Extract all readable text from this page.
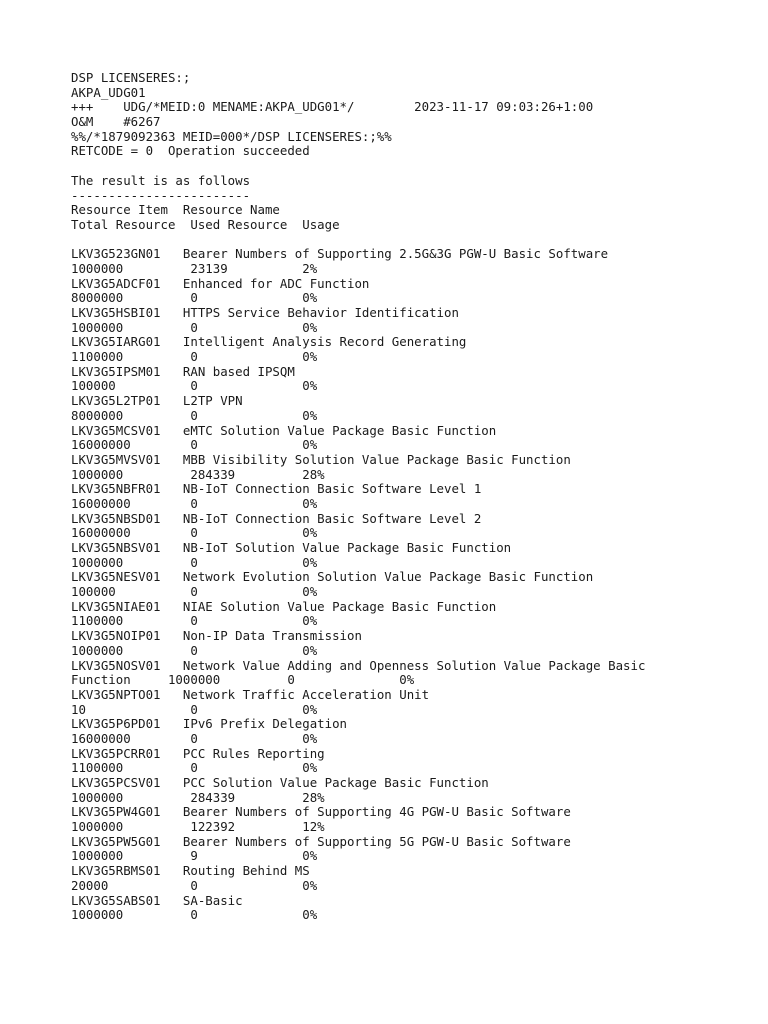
DSP LICENSERES:;
AKPA_UDG01
+++    UDG/*MEID:0 MENAME:AKPA_UDG01*/        2023-11-17 09:03:26+1:00
O&M    #6267
%%/*1879092363 MEID=000*/DSP LICENSERES:;%%
RETCODE = 0  Operation succeeded
The result is as follows
------------------------
Resource Item  Resource Name
Total Resource  Used Resource  Usage
LKV3G523GN01   Bearer Numbers of Supporting 2.5G&3G PGW-U Basic Software
1000000         23139          2%
LKV3G5ADCF01   Enhanced for ADC Function
8000000         0              0%
LKV3G5HSBI01   HTTPS Service Behavior Identification
1000000         0              0%
LKV3G5IARG01   Intelligent Analysis Record Generating
1100000         0              0%
LKV3G5IPSM01   RAN based IPSQM
100000          0              0%
LKV3G5L2TP01   L2TP VPN
8000000         0              0%
LKV3G5MCSV01   eMTC Solution Value Package Basic Function
16000000        0              0%
LKV3G5MVSV01   MBB Visibility Solution Value Package Basic Function
1000000         284339         28%
LKV3G5NBFR01   NB-IoT Connection Basic Software Level 1
16000000        0              0%
LKV3G5NBSD01   NB-IoT Connection Basic Software Level 2
16000000        0              0%
LKV3G5NBSV01   NB-IoT Solution Value Package Basic Function
1000000         0              0%
LKV3G5NESV01   Network Evolution Solution Value Package Basic Function
100000          0              0%
LKV3G5NIAE01   NIAE Solution Value Package Basic Function
1100000         0              0%
LKV3G5NOIP01   Non-IP Data Transmission
1000000         0              0%
LKV3G5NOSV01   Network Value Adding and Openness Solution Value Package Basic
Function     1000000         0              0%
LKV3G5NPTO01   Network Traffic Acceleration Unit
10              0              0%
LKV3G5P6PD01   IPv6 Prefix Delegation
16000000        0              0%
LKV3G5PCRR01   PCC Rules Reporting
1100000         0              0%
LKV3G5PCSV01   PCC Solution Value Package Basic Function
1000000         284339         28%
LKV3G5PW4G01   Bearer Numbers of Supporting 4G PGW-U Basic Software
1000000         122392         12%
LKV3G5PW5G01   Bearer Numbers of Supporting 5G PGW-U Basic Software
1000000         9              0%
LKV3G5RBMS01   Routing Behind MS
20000           0              0%
LKV3G5SABS01   SA-Basic
1000000         0              0%
